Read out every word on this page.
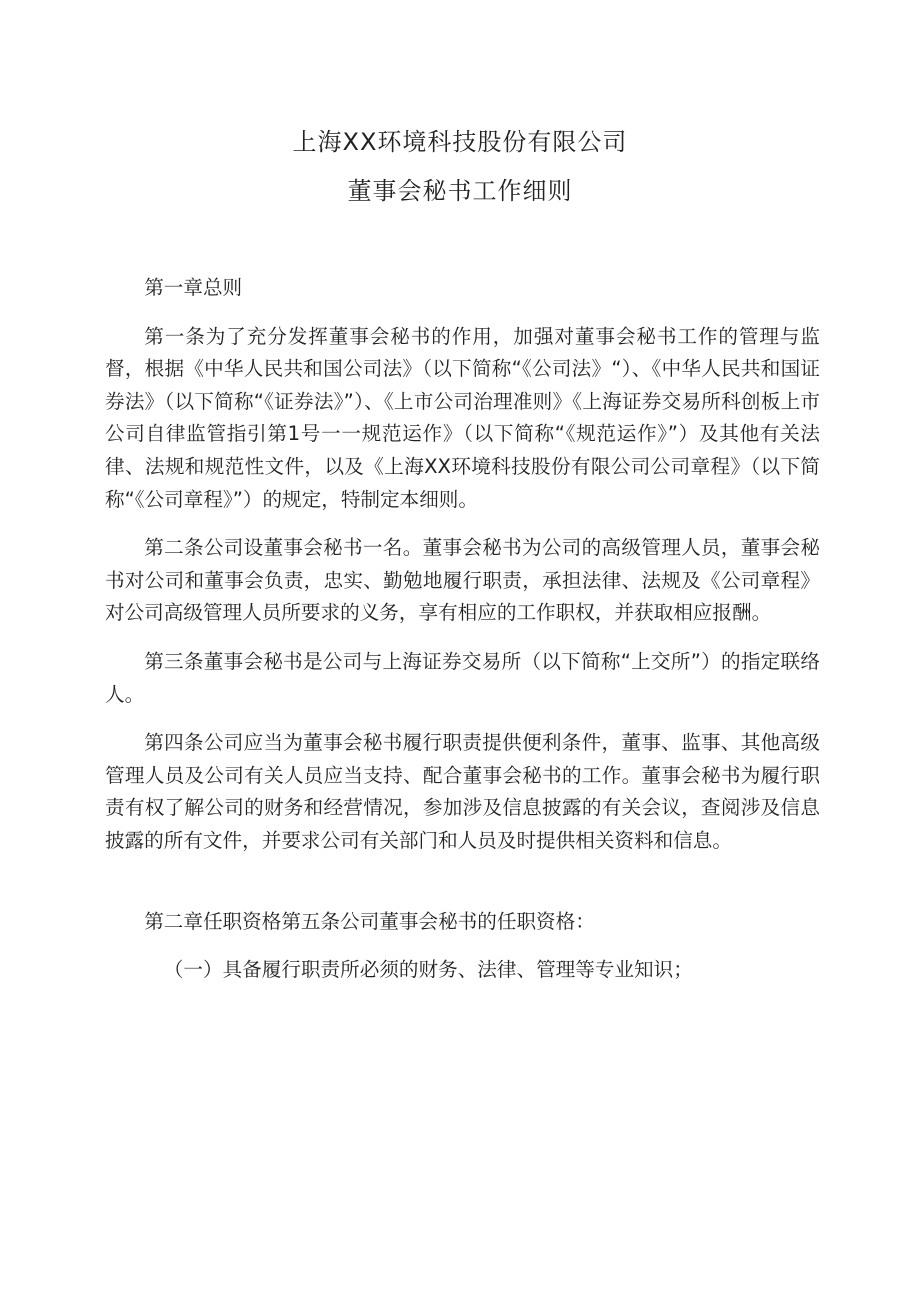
上海XX环境科技股份有限公司
董事会秘书工作细则

第一章总则

第一条为了充分发挥董事会秘书的作用，加强对董事会秘书工作的管理与监督，根据《中华人民共和国公司法》（以下简称“《公司法》“）、《中华人民共和国证券法》（以下简称“《证券法》”）、《上市公司治理准则》《上海证券交易所科创板上市公司自律监管指引第1号一一规范运作》（以下简称“《规范运作》”）及其他有关法律、法规和规范性文件，以及《上海XX环境科技股份有限公司公司章程》（以下简称“《公司章程》”）的规定，特制定本细则。

第二条公司设董事会秘书一名。董事会秘书为公司的高级管理人员，董事会秘书对公司和董事会负责，忠实、勤勉地履行职责，承担法律、法规及《公司章程》对公司高级管理人员所要求的义务，享有相应的工作职权，并获取相应报酬。

第三条董事会秘书是公司与上海证券交易所（以下简称“上交所”）的指定联络人。

第四条公司应当为董事会秘书履行职责提供便利条件，董事、监事、其他高级管理人员及公司有关人员应当支持、配合董事会秘书的工作。董事会秘书为履行职责有权了解公司的财务和经营情况，参加涉及信息披露的有关会议，查阅涉及信息披露的所有文件，并要求公司有关部门和人员及时提供相关资料和信息。

第二章任职资格第五条公司董事会秘书的任职资格：

（一）具备履行职责所必须的财务、法律、管理等专业知识；
